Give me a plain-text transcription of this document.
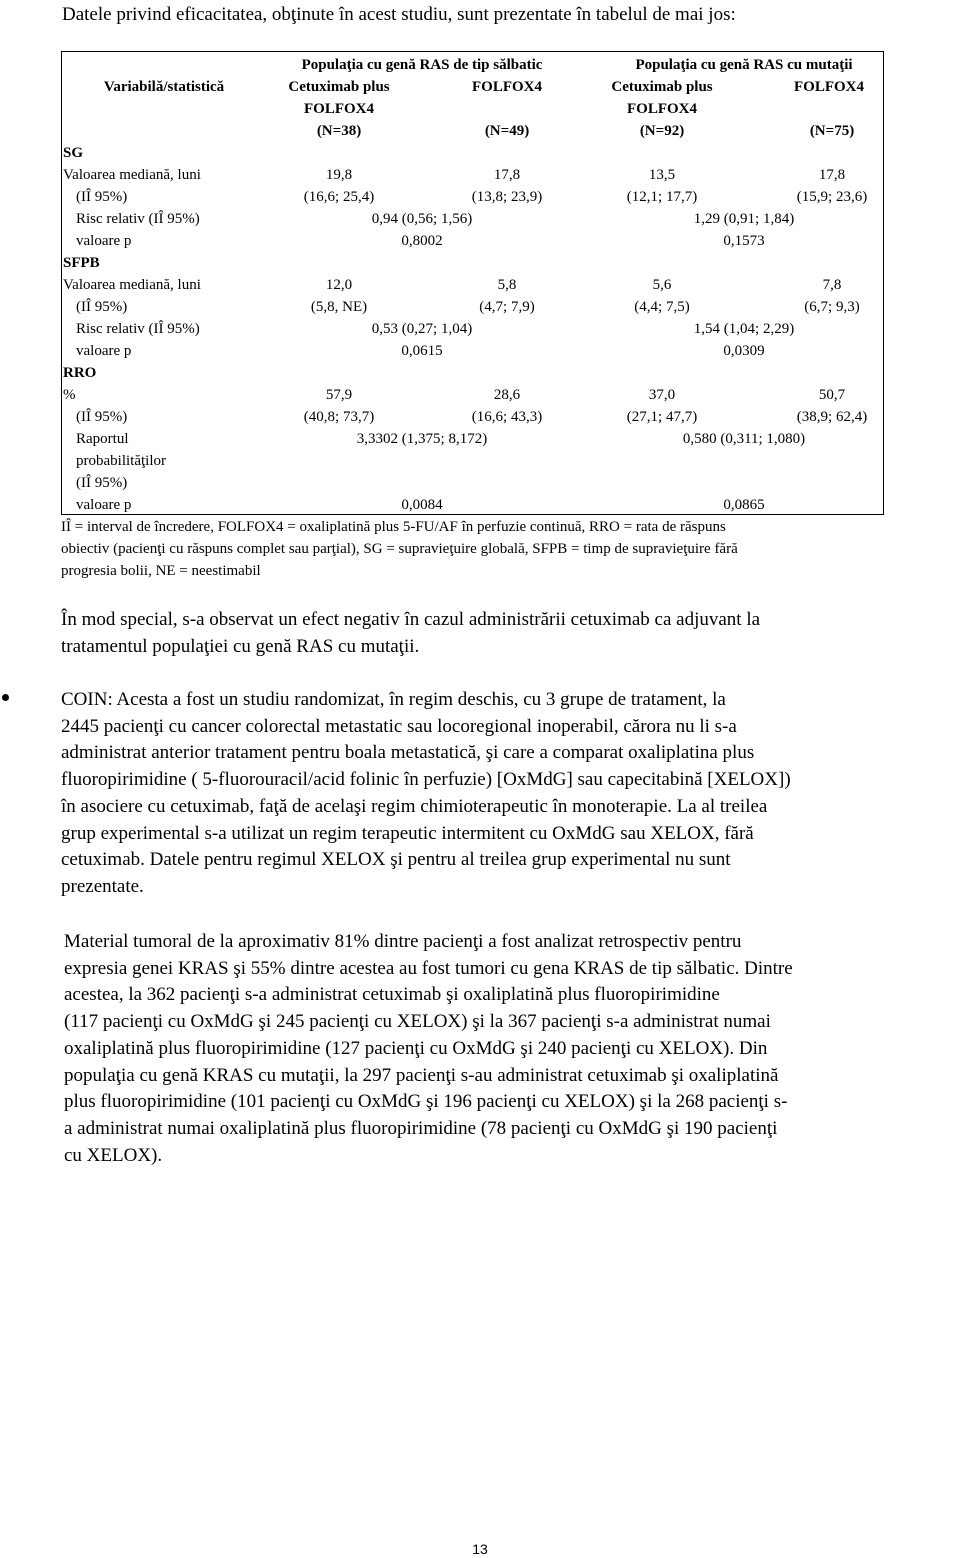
Datele privind eficacitatea, obţinute în acest studiu, sunt prezentate în tabelul de mai jos:
Populaţia cu genă RAS de tip sălbatic	Populaţia cu genă RAS cu mutaţii
Variabilă/statistică	Cetuximab plus	FOLFOX4	Cetuximab plus	FOLFOX4
FOLFOX4	FOLFOX4
(N=38)	(N=49)	(N=92)	(N=75)
SG
Valoarea mediană, luni	19,8	17,8	13,5	17,8
(IÎ 95%)	(16,6; 25,4)	(13,8; 23,9)	(12,1; 17,7)	(15,9; 23,6)
Risc relativ (IÎ 95%)	0,94 (0,56; 1,56)	1,29 (0,91; 1,84)
valoare p	0,8002	0,1573
SFPB
Valoarea mediană, luni	12,0	5,8	5,6	7,8
(IÎ 95%)	(5,8, NE)	(4,7; 7,9)	(4,4; 7,5)	(6,7; 9,3)
Risc relativ (IÎ 95%)	0,53 (0,27; 1,04)	1,54 (1,04; 2,29)
valoare p	0,0615	0,0309
RRO
%	57,9	28,6	37,0	50,7
(IÎ 95%)	(40,8; 73,7)	(16,6; 43,3)	(27,1; 47,7)	(38,9; 62,4)
Raportul	3,3302 (1,375; 8,172)	0,580 (0,311; 1,080)
probabilităţilor
(IÎ 95%)
valoare p	0,0084	0,0865
IÎ = interval de încredere, FOLFOX4 = oxaliplatină plus 5-FU/AF în perfuzie continuă, RRO = rata de răspuns
obiectiv (pacienţi cu răspuns complet sau parţial), SG = supravieţuire globală, SFPB = timp de supravieţuire fără
progresia bolii, NE = neestimabil
În mod special, s-a observat un efect negativ în cazul administrării cetuximab ca adjuvant la
tratamentul populaţiei cu genă RAS cu mutaţii.
COIN: Acesta a fost un studiu randomizat, în regim deschis, cu 3 grupe de tratament, la
2445 pacienţi cu cancer colorectal metastatic sau locoregional inoperabil, cărora nu li s-a
administrat anterior tratament pentru boala metastatică, şi care a comparat oxaliplatina plus
fluoropirimidine ( 5-fluorouracil/acid folinic în perfuzie) [OxMdG] sau capecitabină [XELOX])
în asociere cu cetuximab, faţă de acelaşi regim chimioterapeutic în monoterapie. La al treilea
grup experimental s-a utilizat un regim terapeutic intermitent cu OxMdG sau XELOX, fără
cetuximab. Datele pentru regimul XELOX şi pentru al treilea grup experimental nu sunt
prezentate.
Material tumoral de la aproximativ 81% dintre pacienţi a fost analizat retrospectiv pentru
expresia genei KRAS şi 55% dintre acestea au fost tumori cu gena KRAS de tip sălbatic. Dintre
acestea, la 362 pacienţi s-a administrat cetuximab şi oxaliplatină plus fluoropirimidine
(117 pacienţi cu OxMdG şi 245 pacienţi cu XELOX) şi la 367 pacienţi s-a administrat numai
oxaliplatină plus fluoropirimidine (127 pacienţi cu OxMdG şi 240 pacienţi cu XELOX). Din
populaţia cu genă KRAS cu mutaţii, la 297 pacienţi s-au administrat cetuximab şi oxaliplatină
plus fluoropirimidine (101 pacienţi cu OxMdG şi 196 pacienţi cu XELOX) şi la 268 pacienţi s-
a administrat numai oxaliplatină plus fluoropirimidine (78 pacienţi cu OxMdG şi 190 pacienţi
cu XELOX).
13
